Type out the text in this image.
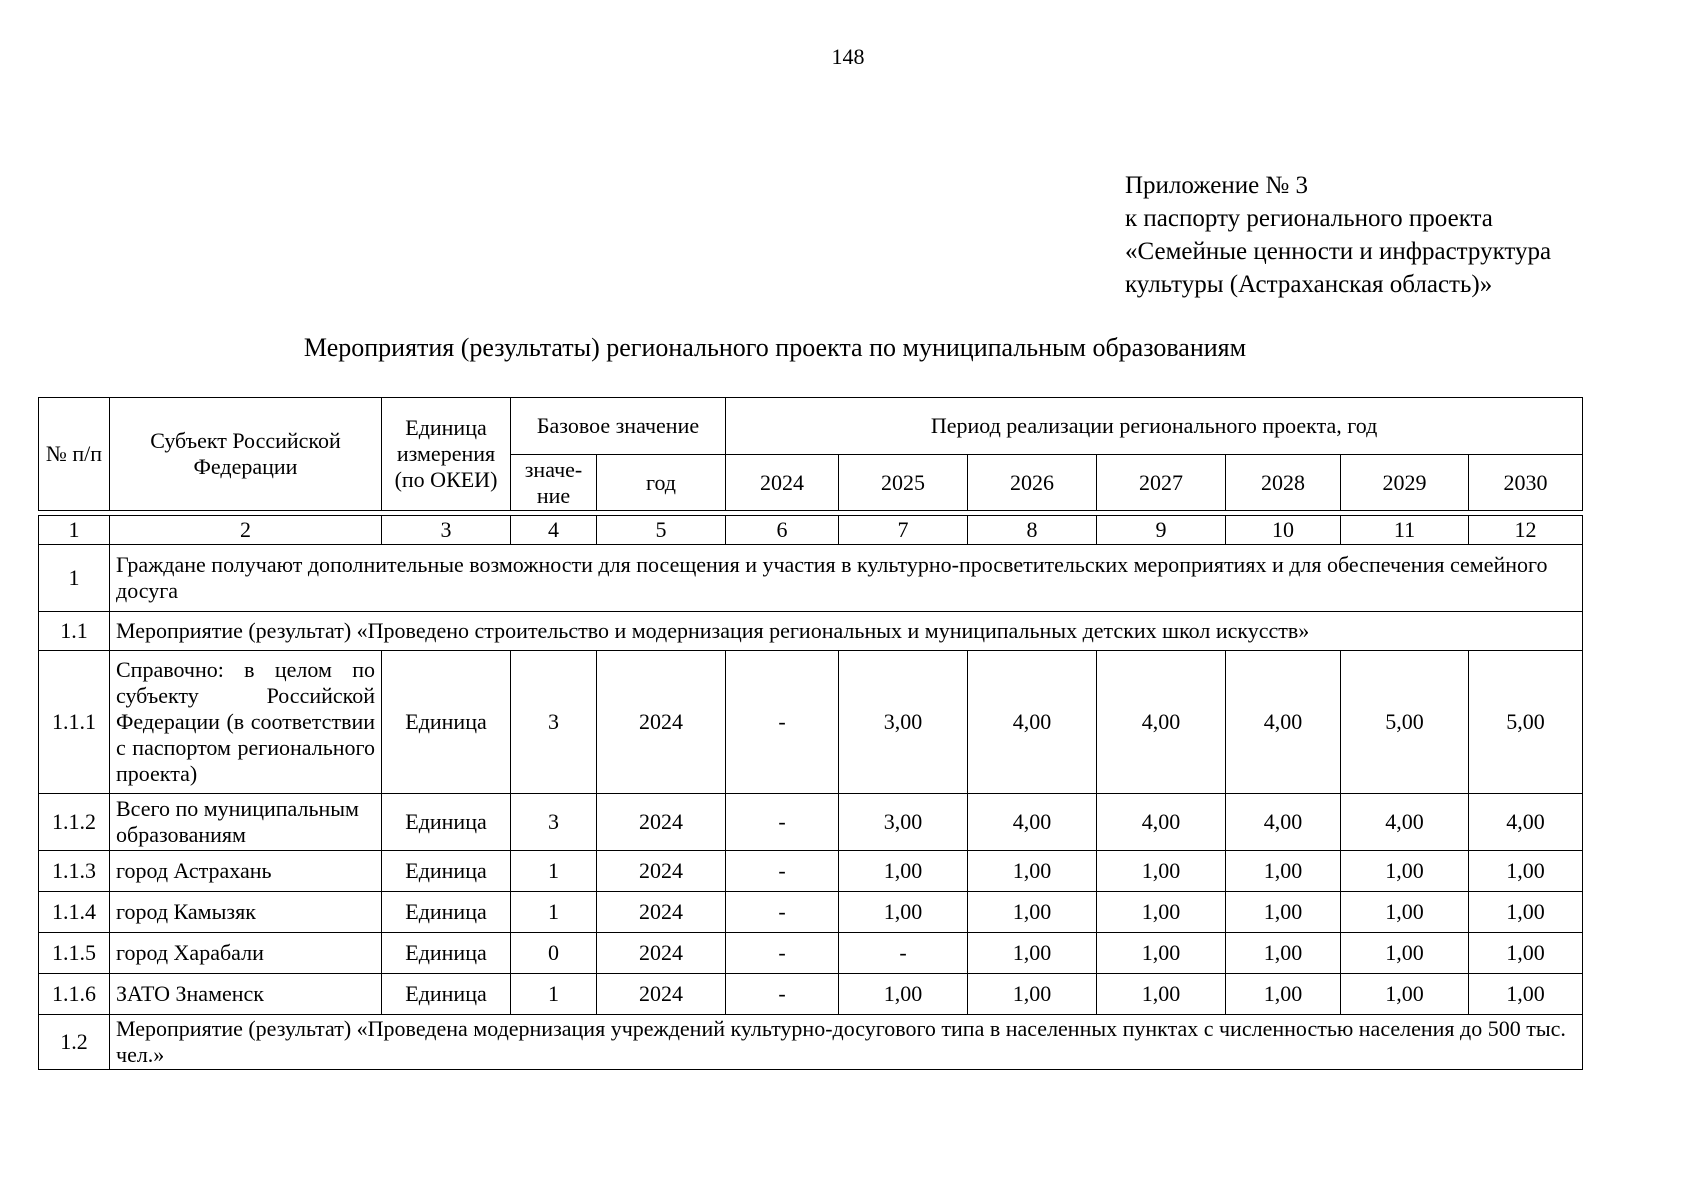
148
Приложение № 3
к паспорту регионального проекта
«Семейные ценности и инфраструктура
культуры (Астраханская область)»
Мероприятия (результаты) регионального проекта по муниципальным образованиям
№ п/п	Субъект Российской Федерации	Единица измерения (по ОКЕИ)	Базовое значение		Период реализации регионального проекта, год						
			значе-ние	год	2024	2025	2026	2027	2028	2029	2030

1	2	3	4	5	6	7	8	9	10	11	12
1	Граждане получают дополнительные возможности для посещения и участия в культурно-просветительских мероприятиях и для обеспечения семейного досуга										
1.1	Мероприятие (результат) «Проведено строительство и модернизация региональных и муниципальных детских школ искусств»										
1.1.1	Справочно: в целом по субъекту Российской Федерации (в соответствии с паспортом регионального проекта)	Единица	3	2024	-	3,00	4,00	4,00	4,00	5,00	5,00
1.1.2	Всего по муниципальным образованиям	Единица	3	2024	-	3,00	4,00	4,00	4,00	4,00	4,00
1.1.3	город Астрахань	Единица	1	2024	-	1,00	1,00	1,00	1,00	1,00	1,00
1.1.4	город Камызяк	Единица	1	2024	-	1,00	1,00	1,00	1,00	1,00	1,00
1.1.5	город Харабали	Единица	0	2024	-	-	1,00	1,00	1,00	1,00	1,00
1.1.6	ЗАТО Знаменск	Единица	1	2024	-	1,00	1,00	1,00	1,00	1,00	1,00
1.2	Мероприятие (результат) «Проведена модернизация учреждений культурно-досугового типа в населенных пунктах с численностью населения до 500 тыс. чел.»										
